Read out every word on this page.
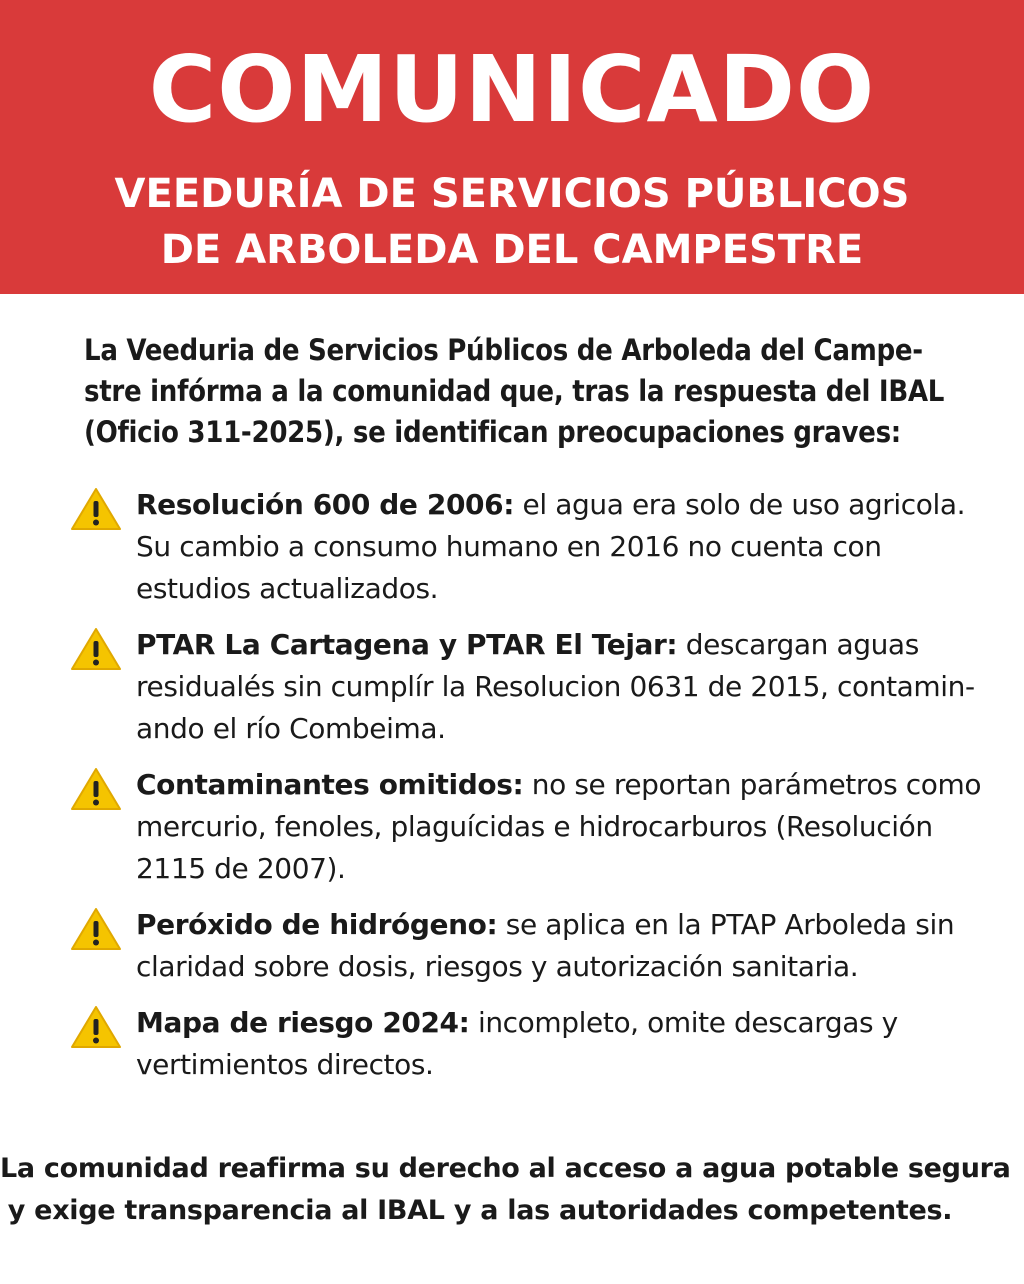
COMUNICADO
VEEDURÍA DE SERVICIOS PÚBLICOS
DE ARBOLEDA DEL CAMPESTRE
La Veeduria de Servicios Públicos de Arboleda del Campe-
stre infórma a la comunidad que, tras la respuesta del IBAL
(Oficio 311-2025), se identifican preocupaciones graves:
Resolución 600 de 2006: el agua era solo de uso agricola.
Su cambio a consumo humano en 2016 no cuenta con
estudios actualizados.
PTAR La Cartagena y PTAR El Tejar: descargan aguas
residualés sin cumplír la Resolucion 0631 de 2015, contamin-
ando el río Combeima.
Contaminantes omitidos: no se reportan parámetros como
mercurio, fenoles, plaguícidas e hidrocarburos (Resolución
2115 de 2007).
Peróxido de hidrógeno: se aplica en la PTAP Arboleda sin
claridad sobre dosis, riesgos y autorización sanitaria.
Mapa de riesgo 2024: incompleto, omite descargas y
vertimientos directos.
La comunidad reafirma su derecho al acceso a agua potable segura
y exige transparencia al IBAL y a las autoridades competentes.
